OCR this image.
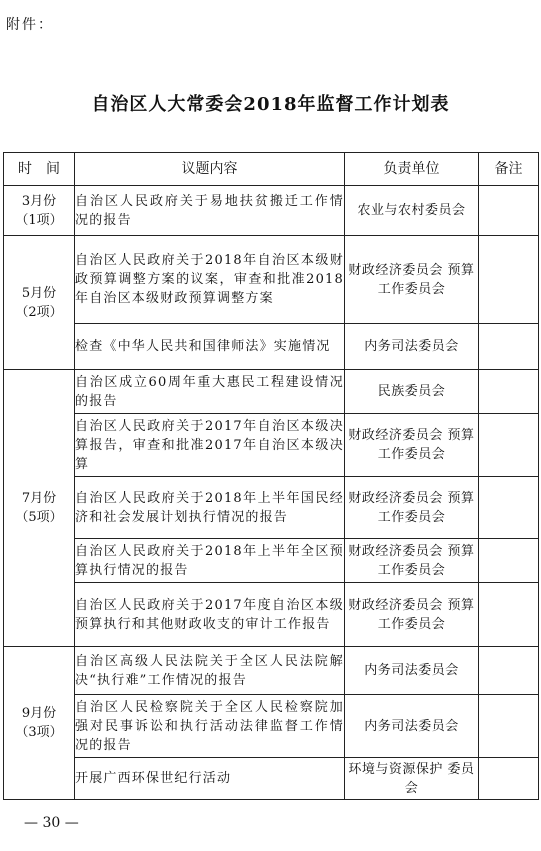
附件：
自治区人大常委会2018年监督工作计划表
时　间	议题内容	负责单位	备注

3月份
（1项）	自治区人民政府关于易地扶贫搬迁工作情况的报告	农业与农村委员会	

5月份
（2项）	自治区人民政府关于2018年自治区本级财政预算调整方案的议案，审查和批准2018年自治区本级财政预算调整方案	财政经济委员会 预算工作委员会	
	检查《中华人民共和国律师法》实施情况	内务司法委员会	

7月份
（5项）	自治区成立60周年重大惠民工程建设情况的报告	民族委员会	
	自治区人民政府关于2017年自治区本级决算报告，审查和批准2017年自治区本级决算	财政经济委员会 预算工作委员会	
	自治区人民政府关于2018年上半年国民经济和社会发展计划执行情况的报告	财政经济委员会 预算工作委员会	
	自治区人民政府关于2018年上半年全区预算执行情况的报告	财政经济委员会 预算工作委员会	
	自治区人民政府关于2017年度自治区本级预算执行和其他财政收支的审计工作报告	财政经济委员会 预算工作委员会	

9月份
（3项）	自治区高级人民法院关于全区人民法院解决“执行难”工作情况的报告	内务司法委员会	
	自治区人民检察院关于全区人民检察院加强对民事诉讼和执行活动法律监督工作情况的报告	内务司法委员会	
	开展广西环保世纪行活动	环境与资源保护 委员会	
— 30 —
